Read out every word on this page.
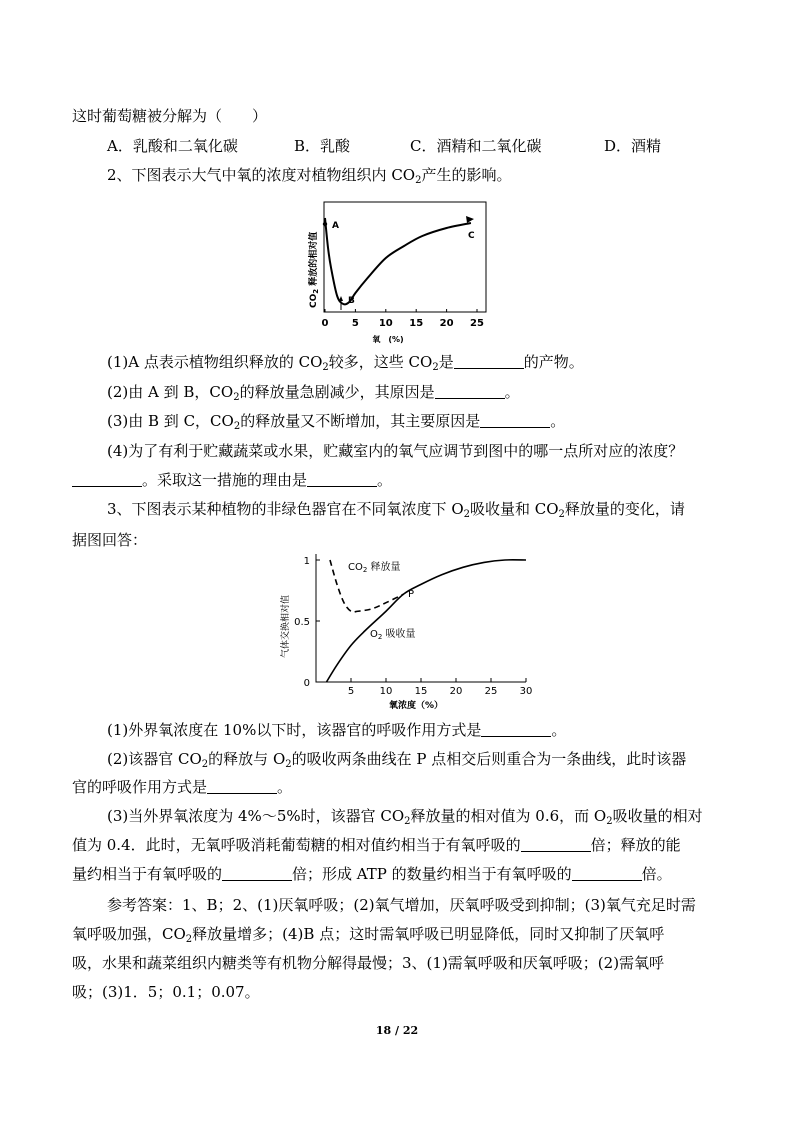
这时葡萄糖被分解为（　　）
A．乳酸和二氧化碳	B．乳酸	C．酒精和二氧化碳	D．酒精
2、下图表示大气中氧的浓度对植物组织内 $CO_2$产生的影响。
0 5 10 15 20 25
A
B
C
$CO_2$ 释放的相对值
氧　(%)
(1)A 点表示植物组织释放的 $CO_2$较多，这些 $CO_2$是	的产物。
(2)由 A 到 B，$CO_2$的释放量急剧减少，其原因是	。
(3)由 B 到 C，$CO_2$的释放量又不断增加，其主要原因是	。
(4)为了有利于贮藏蔬菜或水果，贮藏室内的氧气应调节到图中的哪一点所对应的浓度？
。采取这一措施的理由是	。
3、下图表示某种植物的非绿色器官在不同氧浓度下 $O_2$吸收量和 $CO_2$释放量的变化，请
据图回答：
5	10 15 20 25 30
0
0.5
1
$CO_2$ 释放量
$O_2$ 吸收量
P
气体交换相对值
氧浓度（%）
(1)外界氧浓度在 10%以下时，该器官的呼吸作用方式是	。
(2)该器官 $CO_2$的释放与 $O_2$的吸收两条曲线在 P 点相交后则重合为一条曲线，此时该器
官的呼吸作用方式是	。
(3)当外界氧浓度为 4%～5%时，该器官 $CO_2$释放量的相对值为 0.6，而 $O_2$吸收量的相对
值为 0.4．此时，无氧呼吸消耗葡萄糖的相对值约相当于有氧呼吸的	倍；释放的能
量约相当于有氧呼吸的	倍；形成 ATP 的数量约相当于有氧呼吸的	倍。
参考答案：1、B；2、(1)厌氧呼吸；(2)氧气增加，厌氧呼吸受到抑制；(3)氧气充足时需
氧呼吸加强，$CO_2$释放量增多；(4)B 点；这时需氧呼吸已明显降低，同时又抑制了厌氧呼
吸，水果和蔬菜组织内糖类等有机物分解得最慢；3、(1)需氧呼吸和厌氧呼吸；(2)需氧呼
吸；(3)1．5；0.1；0.07。
18 / 22
